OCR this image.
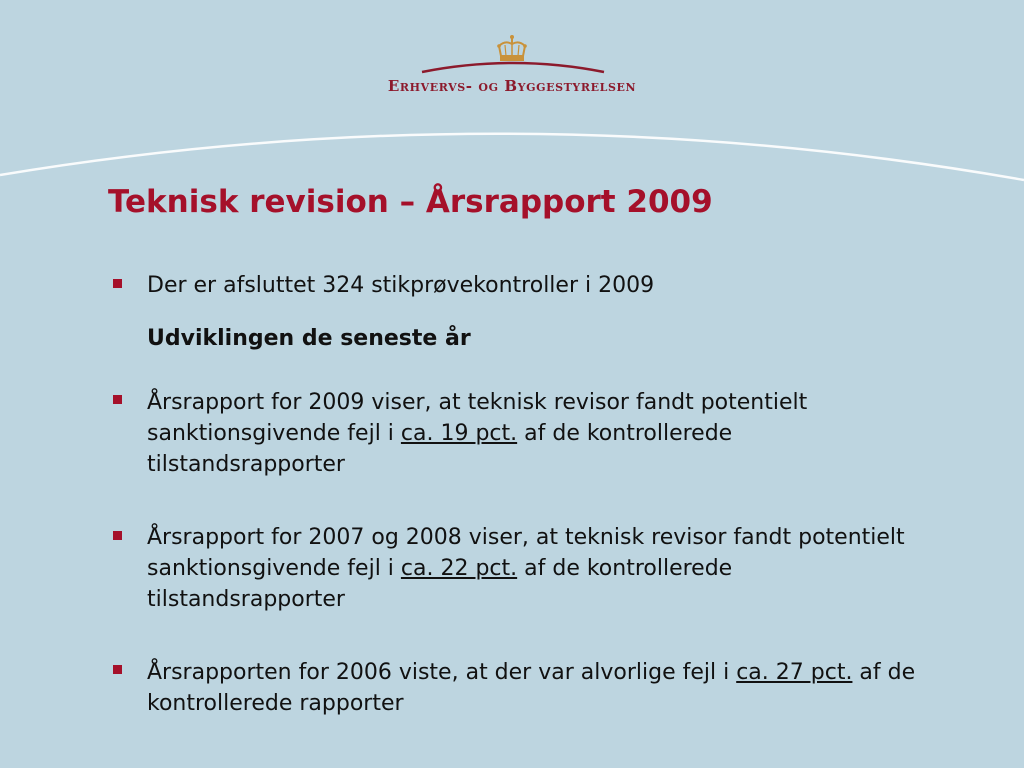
Erhvervs- og Byggestyrelsen
Teknisk revision – Årsrapport 2009
Der er afsluttet 324 stikprøvekontroller i 2009
Udviklingen de seneste år
Årsrapport for 2009 viser, at teknisk revisor fandt potentielt sanktionsgivende fejl i ca. 19 pct. af de kontrollerede tilstandsrapporter
Årsrapport for 2007 og 2008 viser, at teknisk revisor fandt potentielt sanktionsgivende fejl i ca. 22 pct. af de kontrollerede tilstandsrapporter
Årsrapporten for 2006 viste, at der var alvorlige fejl i ca. 27 pct. af de kontrollerede rapporter
